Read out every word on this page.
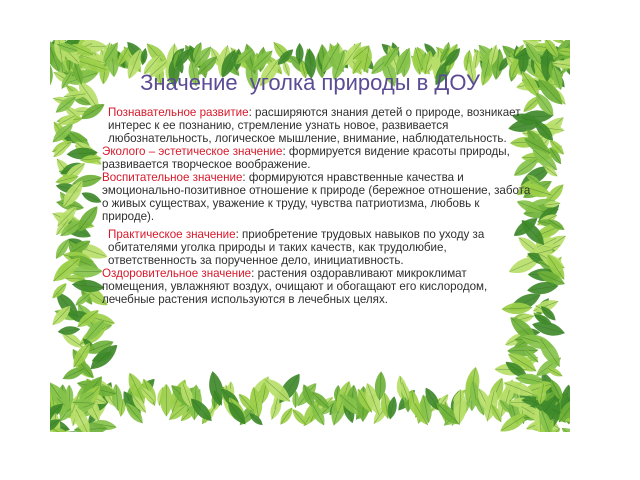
Значение  уголка природы в ДОУ

Познавательное развитие: расширяются знания детей о природе, возникает интерес к ее познанию, стремление узнать новое, развивается любознательность, логическое мышление, внимание, наблюдательность.

Эколого – эстетическое значение: формируется видение красоты природы, развивается творческое воображение.

Воспитательное значение: формируются нравственные качества и эмоционально-позитивное отношение к природе (бережное отношение, забота о живых существах, уважение к труду, чувства патриотизма, любовь к природе).

Практическое значение: приобретение трудовых навыков по уходу за обитателями уголка природы и таких качеств, как трудолюбие, ответственность за порученное дело, инициативность.

Оздоровительное значение: растения оздоравливают микроклимат помещения, увлажняют воздух, очищают и обогащают его кислородом, лечебные растения используются в лечебных целях.
